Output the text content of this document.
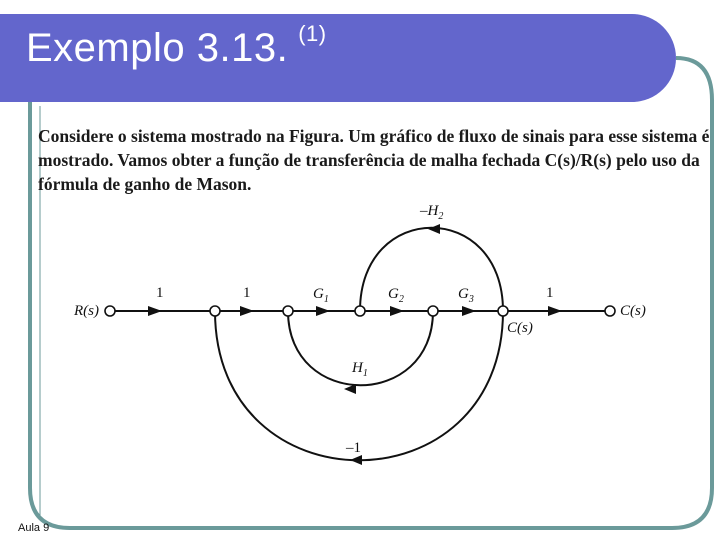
Exemplo 3.13. $^{(1)}$
Considere o sistema mostrado na Figura. Um gráfico de fluxo de sinais para esse sistema é mostrado. Vamos obter a função de transferência de malha fechada C(s)/R(s) pelo uso da fórmula de ganho de Mason.
R(s)	C(s)
C(s)
1	1	$G_1$	$G_2$	$G_3$	1
$-H_2$
$H_1$
–1
Aula 9
